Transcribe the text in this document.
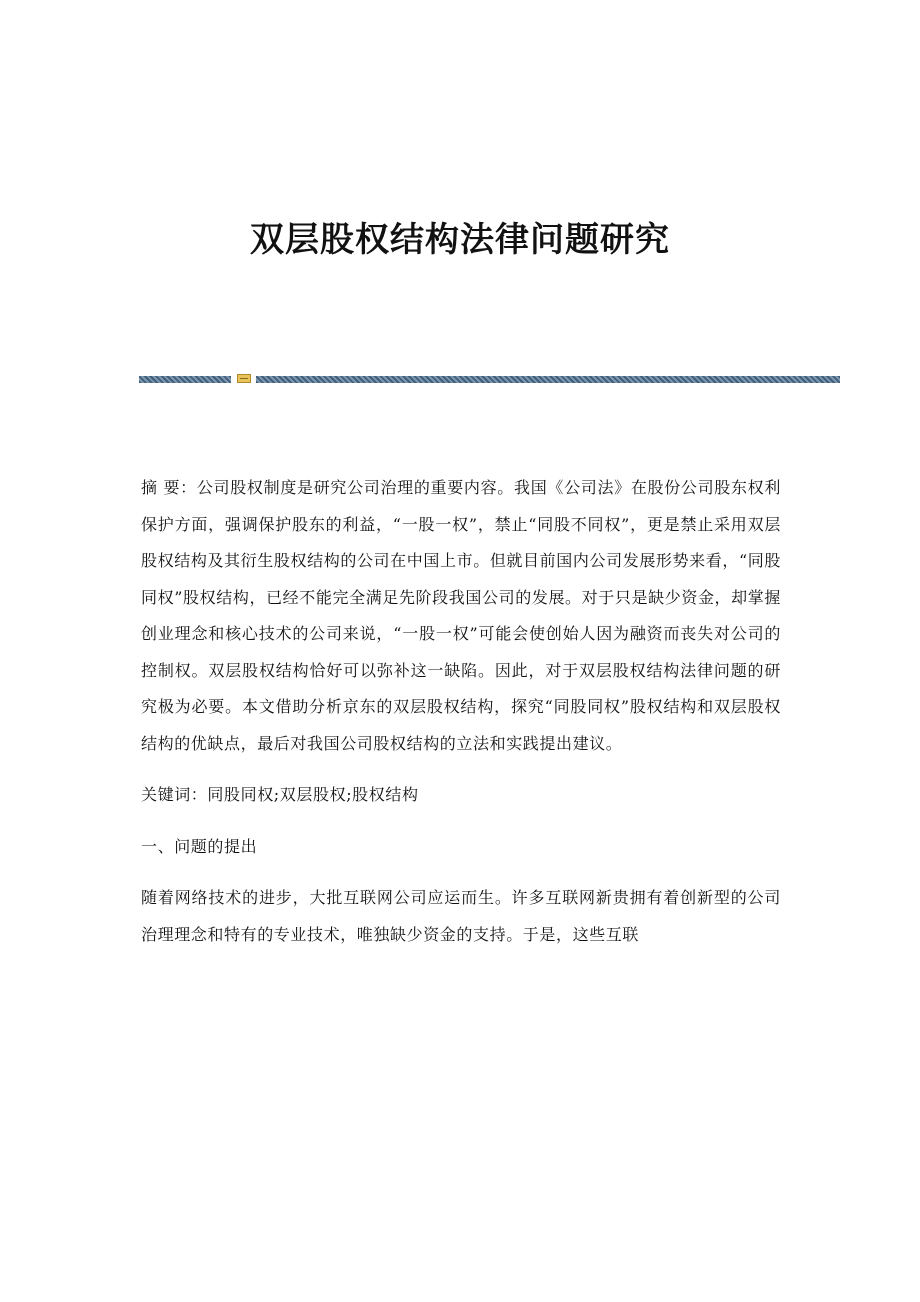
双层股权结构法律问题研究

摘 要：公司股权制度是研究公司治理的重要内容。我国《公司法》在股份公司股东权利保护方面，强调保护股东的利益，“一股一权”，禁止“同股不同权”，更是禁止采用双层股权结构及其衍生股权结构的公司在中国上市。但就目前国内公司发展形势来看，“同股同权”股权结构，已经不能完全满足先阶段我国公司的发展。对于只是缺少资金，却掌握创业理念和核心技术的公司来说，“一股一权”可能会使创始人因为融资而丧失对公司的控制权。双层股权结构恰好可以弥补这一缺陷。因此，对于双层股权结构法律问题的研究极为必要。本文借助分析京东的双层股权结构，探究“同股同权”股权结构和双层股权结构的优缺点，最后对我国公司股权结构的立法和实践提出建议。

关键词：同股同权;双层股权;股权结构

一、问题的提出

随着网络技术的进步，大批互联网公司应运而生。许多互联网新贵拥有着创新型的公司治理理念和特有的专业技术，唯独缺少资金的支持。于是，这些互联
